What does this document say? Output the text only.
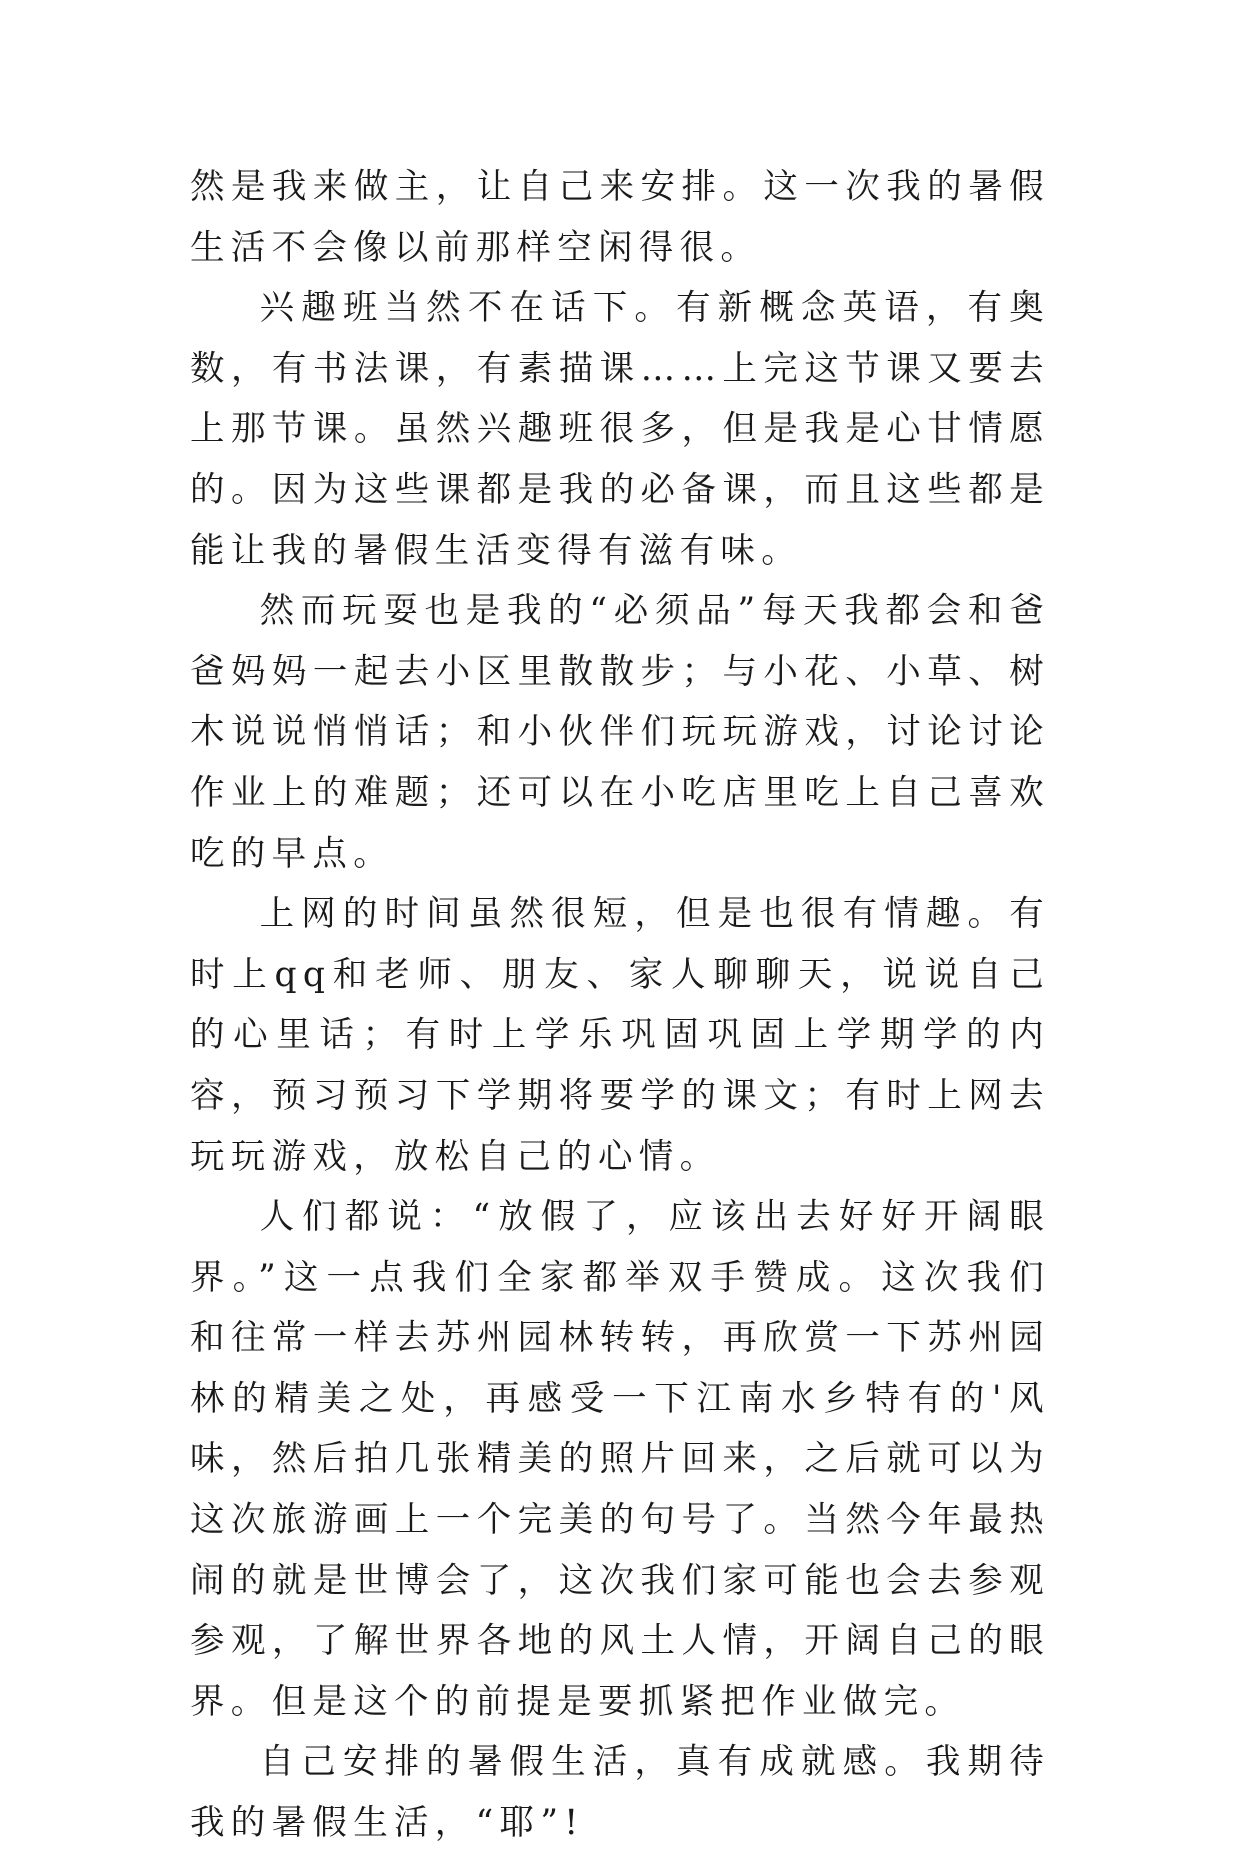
然是我来做主，让自己来安排。这一次我的暑假生活不会像以前那样空闲得很。

兴趣班当然不在话下。有新概念英语，有奥数，有书法课，有素描课……上完这节课又要去上那节课。虽然兴趣班很多，但是我是心甘情愿的。因为这些课都是我的必备课，而且这些都是能让我的暑假生活变得有滋有味。

然而玩耍也是我的“必须品”每天我都会和爸爸妈妈一起去小区里散散步；与小花、小草、树木说说悄悄话；和小伙伴们玩玩游戏，讨论讨论作业上的难题；还可以在小吃店里吃上自己喜欢吃的早点。

上网的时间虽然很短，但是也很有情趣。有时上qq和老师、朋友、家人聊聊天，说说自己的心里话；有时上学乐巩固巩固上学期学的内容，预习预习下学期将要学的课文；有时上网去玩玩游戏，放松自己的心情。

人们都说：“放假了，应该出去好好开阔眼界。”这一点我们全家都举双手赞成。这次我们和往常一样去苏州园林转转，再欣赏一下苏州园林的精美之处，再感受一下江南水乡特有的'风味，然后拍几张精美的照片回来，之后就可以为这次旅游画上一个完美的句号了。当然今年最热闹的就是世博会了，这次我们家可能也会去参观参观，了解世界各地的风土人情，开阔自己的眼界。但是这个的前提是要抓紧把作业做完。

自己安排的暑假生活，真有成就感。我期待我的暑假生活，“耶”!
